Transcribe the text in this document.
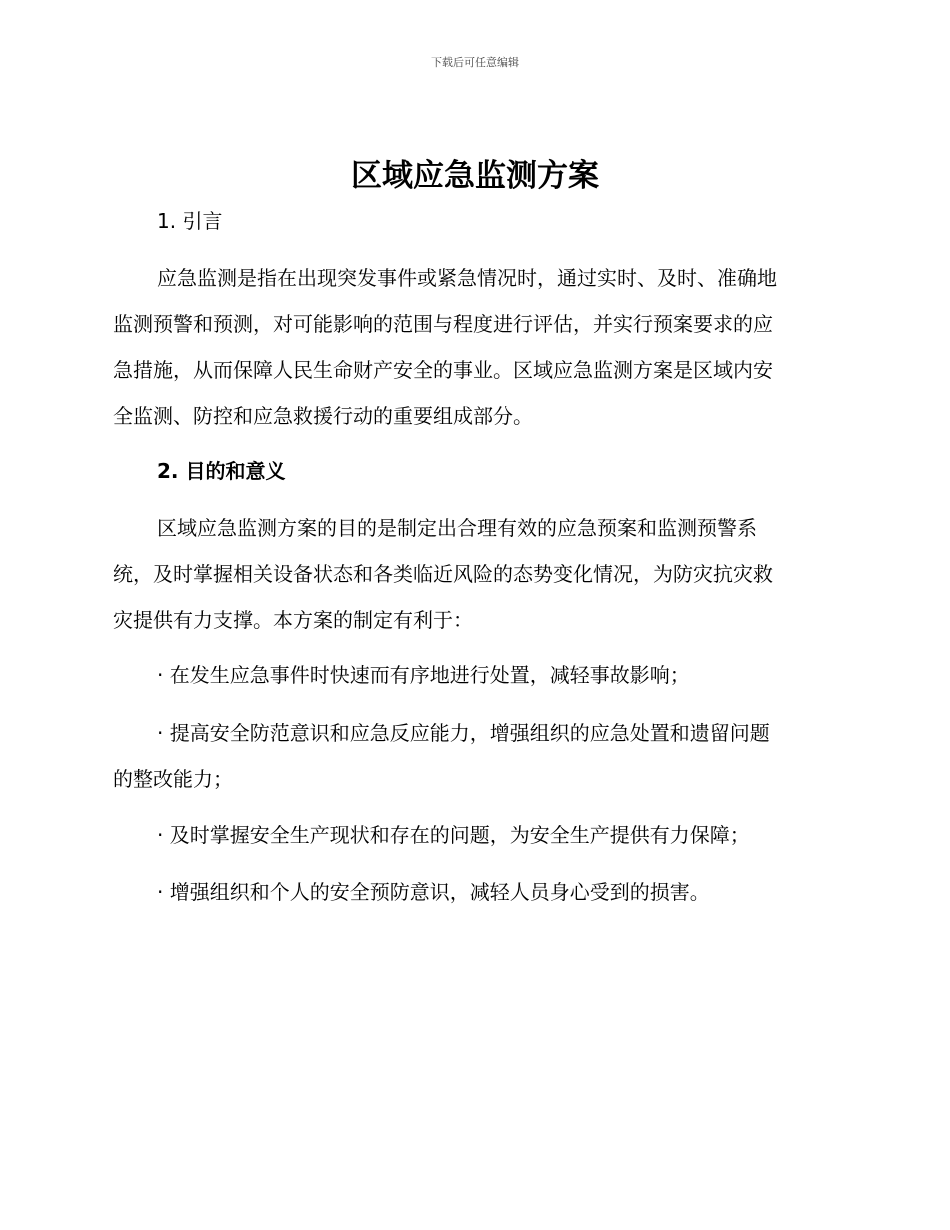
下载后可任意编辑
区域应急监测方案
1. 引言
应急监测是指在出现突发事件或紧急情况时，通过实时、及时、准确地
监测预警和预测，对可能影响的范围与程度进行评估，并实行预案要求的应
急措施，从而保障人民生命财产安全的事业。区域应急监测方案是区域内安
全监测、防控和应急救援行动的重要组成部分。
2. 目的和意义
区域应急监测方案的目的是制定出合理有效的应急预案和监测预警系
统，及时掌握相关设备状态和各类临近风险的态势变化情况，为防灾抗灾救
灾提供有力支撑。本方案的制定有利于：
· 在发生应急事件时快速而有序地进行处置，减轻事故影响；
· 提高安全防范意识和应急反应能力，增强组织的应急处置和遗留问题
的整改能力；
· 及时掌握安全生产现状和存在的问题，为安全生产提供有力保障；
· 增强组织和个人的安全预防意识，减轻人员身心受到的损害。
